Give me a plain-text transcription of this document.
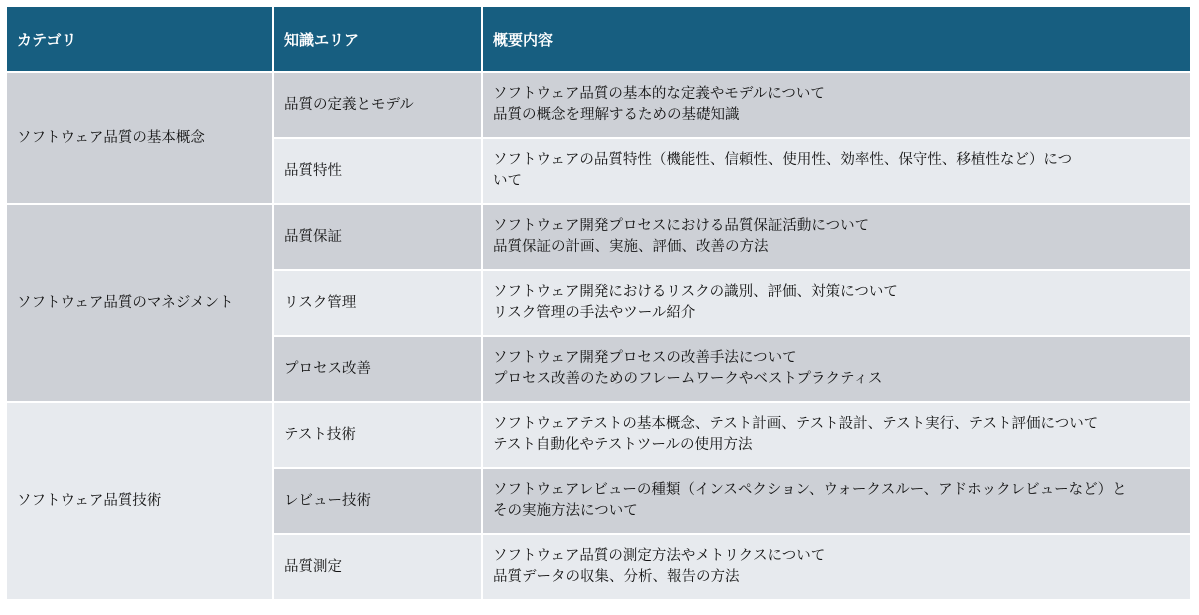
カテゴリ	知識エリア	概要内容
ソフトウェア品質の基本概念	品質の定義とモデル	ソフトウェア品質の基本的な定義やモデルについて
品質の概念を理解するための基礎知識

	品質特性	ソフトウェアの品質特性（機能性、信頼性、使用性、効率性、保守性、移植性など）につ
いて

ソフトウェア品質のマネジメント	品質保証	ソフトウェア開発プロセスにおける品質保証活動について
品質保証の計画、実施、評価、改善の方法

	リスク管理	ソフトウェア開発におけるリスクの識別、評価、対策について
リスク管理の手法やツール紹介

	プロセス改善	ソフトウェア開発プロセスの改善手法について
プロセス改善のためのフレームワークやベストプラクティス

ソフトウェア品質技術	テスト技術	ソフトウェアテストの基本概念、テスト計画、テスト設計、テスト実行、テスト評価について
テスト自動化やテストツールの使用方法

	レビュー技術	ソフトウェアレビューの種類（インスペクション、ウォークスルー、アドホックレビューなど）と
その実施方法について

	品質測定	ソフトウェア品質の測定方法やメトリクスについて
品質データの収集、分析、報告の方法
